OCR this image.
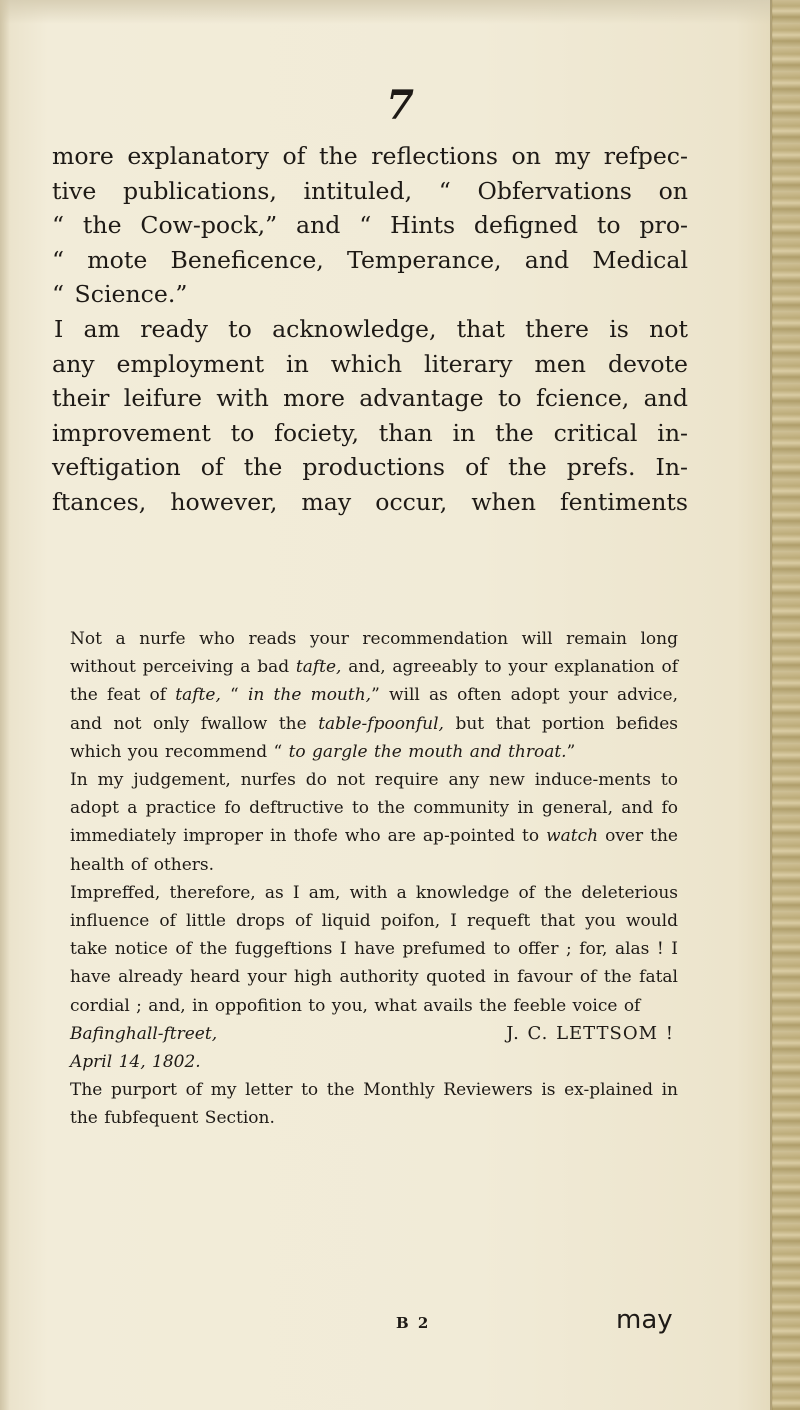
7
more explanatory of the reflections on my refpec-
tive publications, intituled, “ Obfervations on
“ the Cow-pock,” and “ Hints defigned to pro-
“ mote Beneficence, Temperance, and Medical
“ Science.”
I am ready to acknowledge, that there is not
any employment in which literary men devote
their leifure with more advantage to fcience, and
improvement to fociety, than in the critical in-
veftigation of the productions of the prefs. In-
ftances, however, may occur, when fentiments
Not a nurfe who reads your recommendation will remain long without perceiving a bad tafte, and, agreeably to your explanation of the feat of tafte, “ in the mouth,” will as often adopt your advice, and not only fwallow the table-fpoonful, but that portion befides which you recommend “ to gargle the mouth and throat.”
In my judgement, nurfes do not require any new induce-ments to adopt a practice fo deftructive to the community in general, and fo immediately improper in thofe who are ap-pointed to watch over the health of others.
Impreffed, therefore, as I am, with a knowledge of the deleterious influence of little drops of liquid poifon, I requeft that you would take notice of the fuggeftions I have prefumed to offer ; for, alas ! I have already heard your high authority quoted in favour of the fatal cordial ; and, in oppofition to you, what avails the feeble voice of
Bafinghall-ftreet,	J. C. LETTSOM !
April 14, 1802.
The purport of my letter to the Monthly Reviewers is ex-plained in the fubfequent Section.
B 2	may
